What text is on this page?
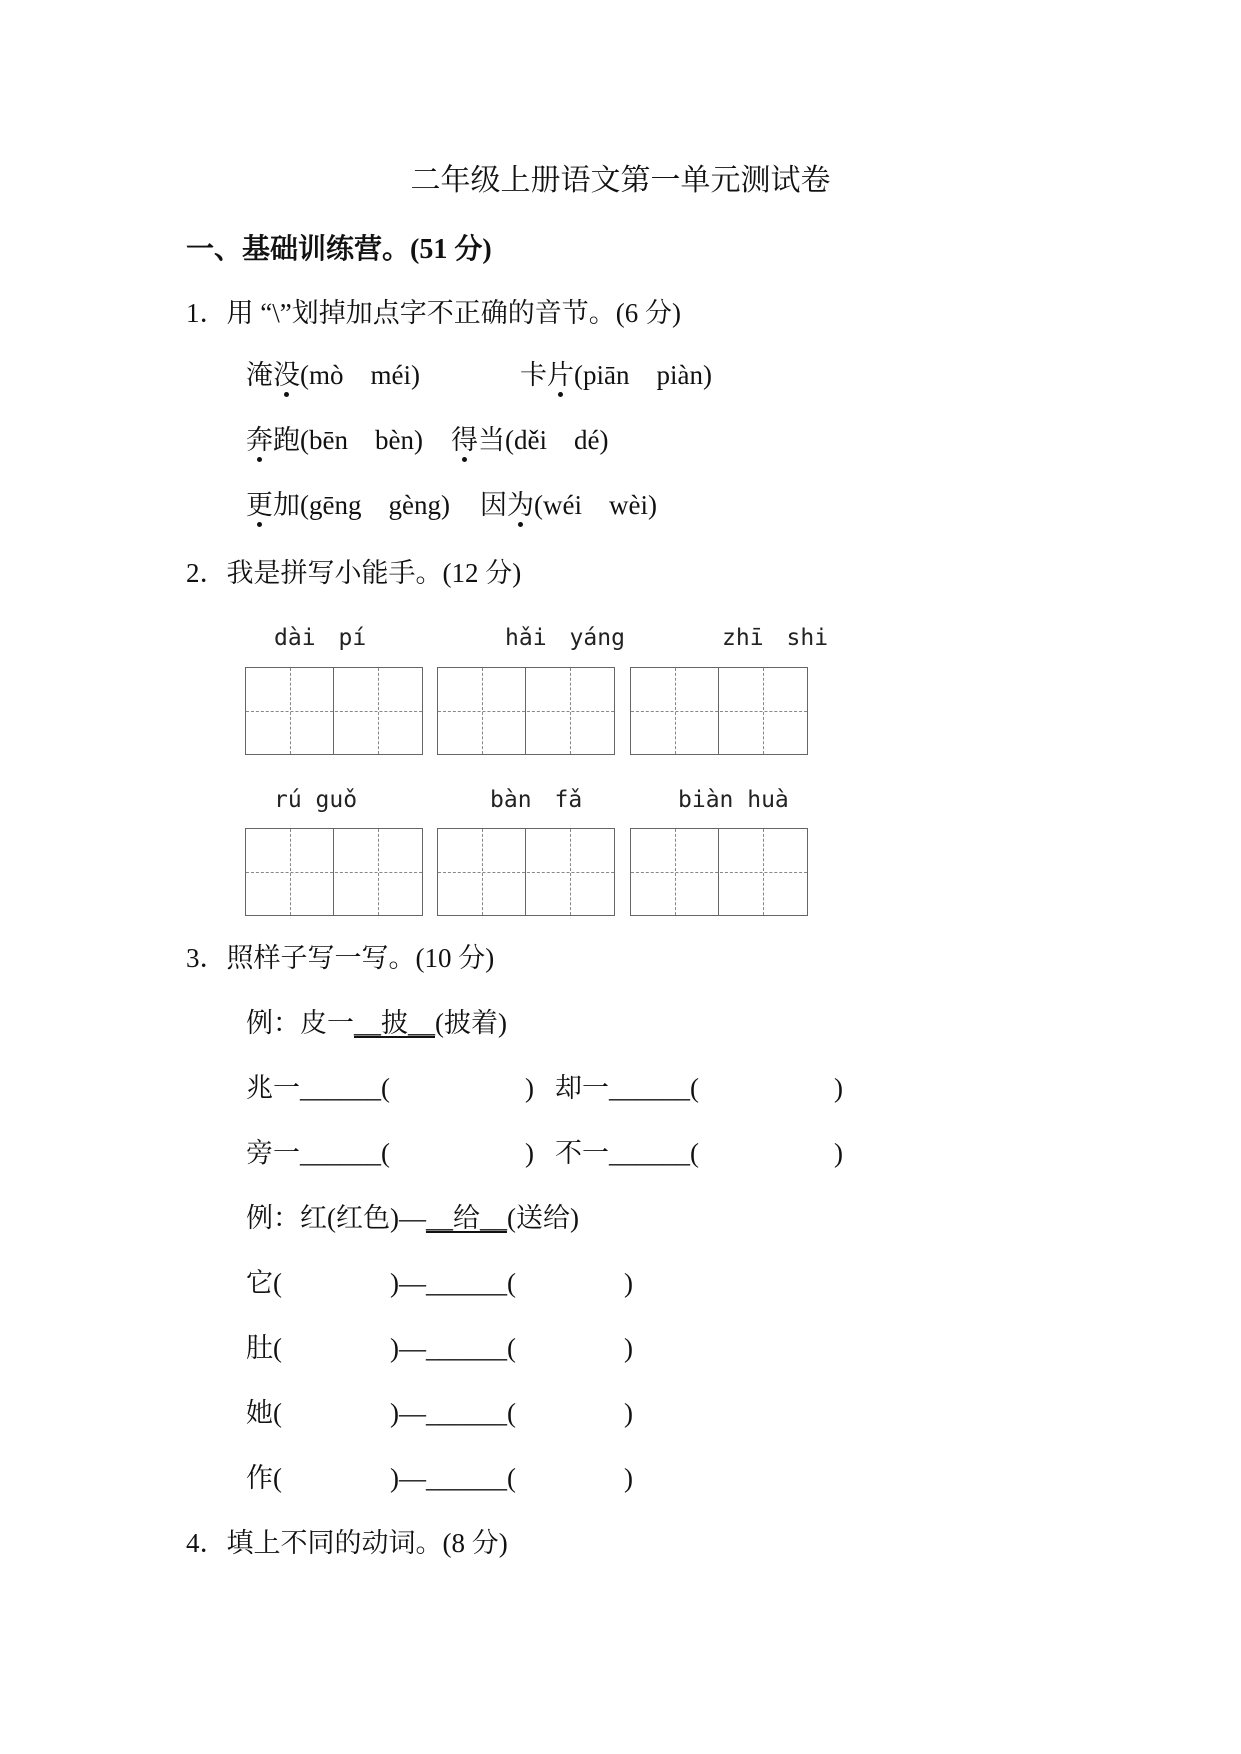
二年级上册语文第一单元测试卷
一、基础训练营。(51 分)
1．用 “\”划掉加点字不正确的音节。(6 分)
淹没(mò　méi)	卡片(piān　piàn)
奔跑(bēn　bèn) 得当(děi　dé)
更加(gēng　gèng) 因为(wéi　wèi)
2．我是拼写小能手。(12 分)
dài　pí	hǎi　yáng	zhī　shi
rú guǒ	bàn　fǎ	biàn huà
3．照样子写一写。(10 分)
例：皮一__披__(披着)
兆一______(　　　　　) 却一______(　　　　　)
旁一______(　　　　　) 不一______(　　　　　)
例：红(红色)—__给__(送给)
它(　　　　)—______(　　　　)
肚(　　　　)—______(　　　　)
她(　　　　)—______(　　　　)
作(　　　　)—______(　　　　)
4．填上不同的动词。(8 分)
